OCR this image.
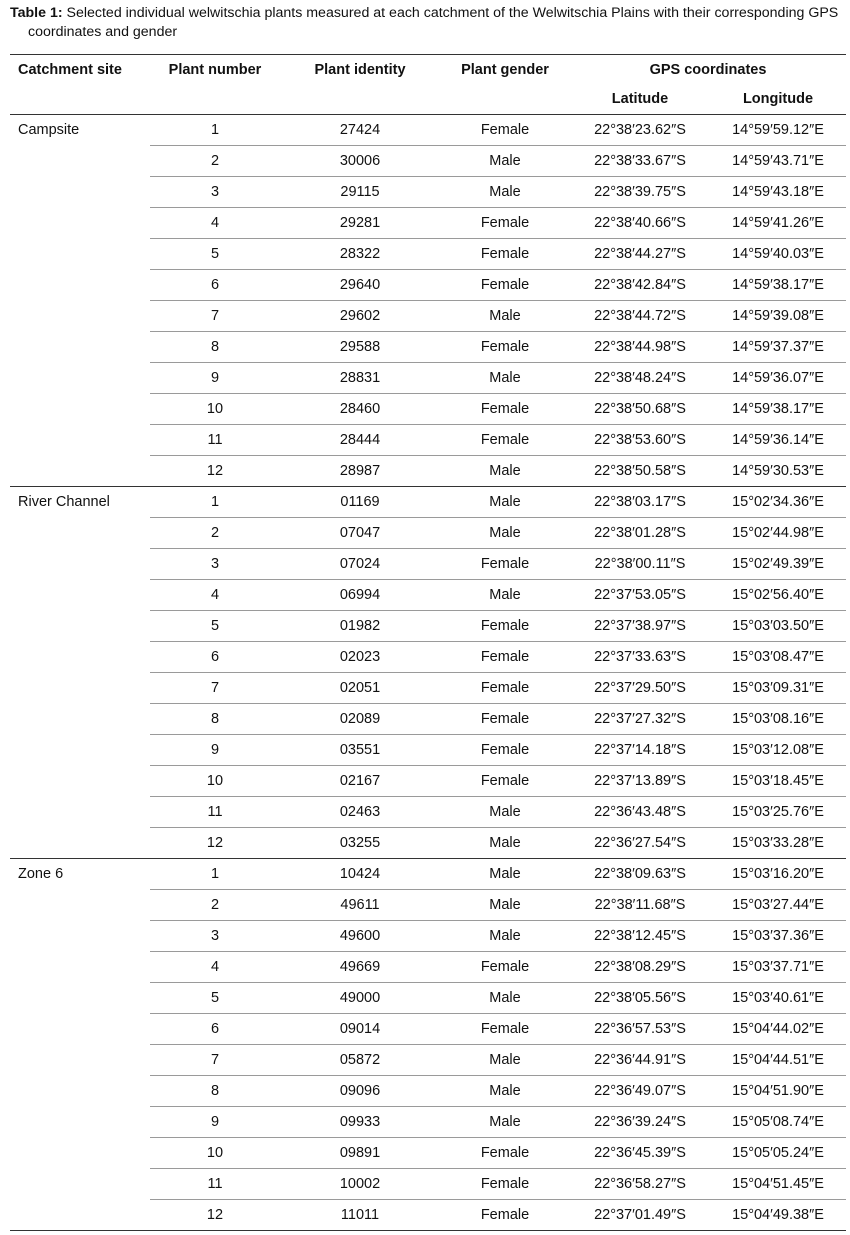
Table 1: Selected individual welwitschia plants measured at each catchment of the Welwitschia Plains with their corresponding GPS
coordinates and gender
Catchment site	Plant number	Plant identity	Plant gender	GPS coordinates	
				Latitude	Longitude
Campsite	1	27424	Female	22°38′23.62″S	14°59′59.12″E
	2	30006	Male	22°38′33.67″S	14°59′43.71″E
	3	29115	Male	22°38′39.75″S	14°59′43.18″E
	4	29281	Female	22°38′40.66″S	14°59′41.26″E
	5	28322	Female	22°38′44.27″S	14°59′40.03″E
	6	29640	Female	22°38′42.84″S	14°59′38.17″E
	7	29602	Male	22°38′44.72″S	14°59′39.08″E
	8	29588	Female	22°38′44.98″S	14°59′37.37″E
	9	28831	Male	22°38′48.24″S	14°59′36.07″E
	10	28460	Female	22°38′50.68″S	14°59′38.17″E
	11	28444	Female	22°38′53.60″S	14°59′36.14″E
	12	28987	Male	22°38′50.58″S	14°59′30.53″E
River Channel	1	01169	Male	22°38′03.17″S	15°02′34.36″E
	2	07047	Male	22°38′01.28″S	15°02′44.98″E
	3	07024	Female	22°38′00.11″S	15°02′49.39″E
	4	06994	Male	22°37′53.05″S	15°02′56.40″E
	5	01982	Female	22°37′38.97″S	15°03′03.50″E
	6	02023	Female	22°37′33.63″S	15°03′08.47″E
	7	02051	Female	22°37′29.50″S	15°03′09.31″E
	8	02089	Female	22°37′27.32″S	15°03′08.16″E
	9	03551	Female	22°37′14.18″S	15°03′12.08″E
	10	02167	Female	22°37′13.89″S	15°03′18.45″E
	11	02463	Male	22°36′43.48″S	15°03′25.76″E
	12	03255	Male	22°36′27.54″S	15°03′33.28″E
Zone 6	1	10424	Male	22°38′09.63″S	15°03′16.20″E
	2	49611	Male	22°38′11.68″S	15°03′27.44″E
	3	49600	Male	22°38′12.45″S	15°03′37.36″E
	4	49669	Female	22°38′08.29″S	15°03′37.71″E
	5	49000	Male	22°38′05.56″S	15°03′40.61″E
	6	09014	Female	22°36′57.53″S	15°04′44.02″E
	7	05872	Male	22°36′44.91″S	15°04′44.51″E
	8	09096	Male	22°36′49.07″S	15°04′51.90″E
	9	09933	Male	22°36′39.24″S	15°05′08.74″E
	10	09891	Female	22°36′45.39″S	15°05′05.24″E
	11	10002	Female	22°36′58.27″S	15°04′51.45″E
	12	11011	Female	22°37′01.49″S	15°04′49.38″E
